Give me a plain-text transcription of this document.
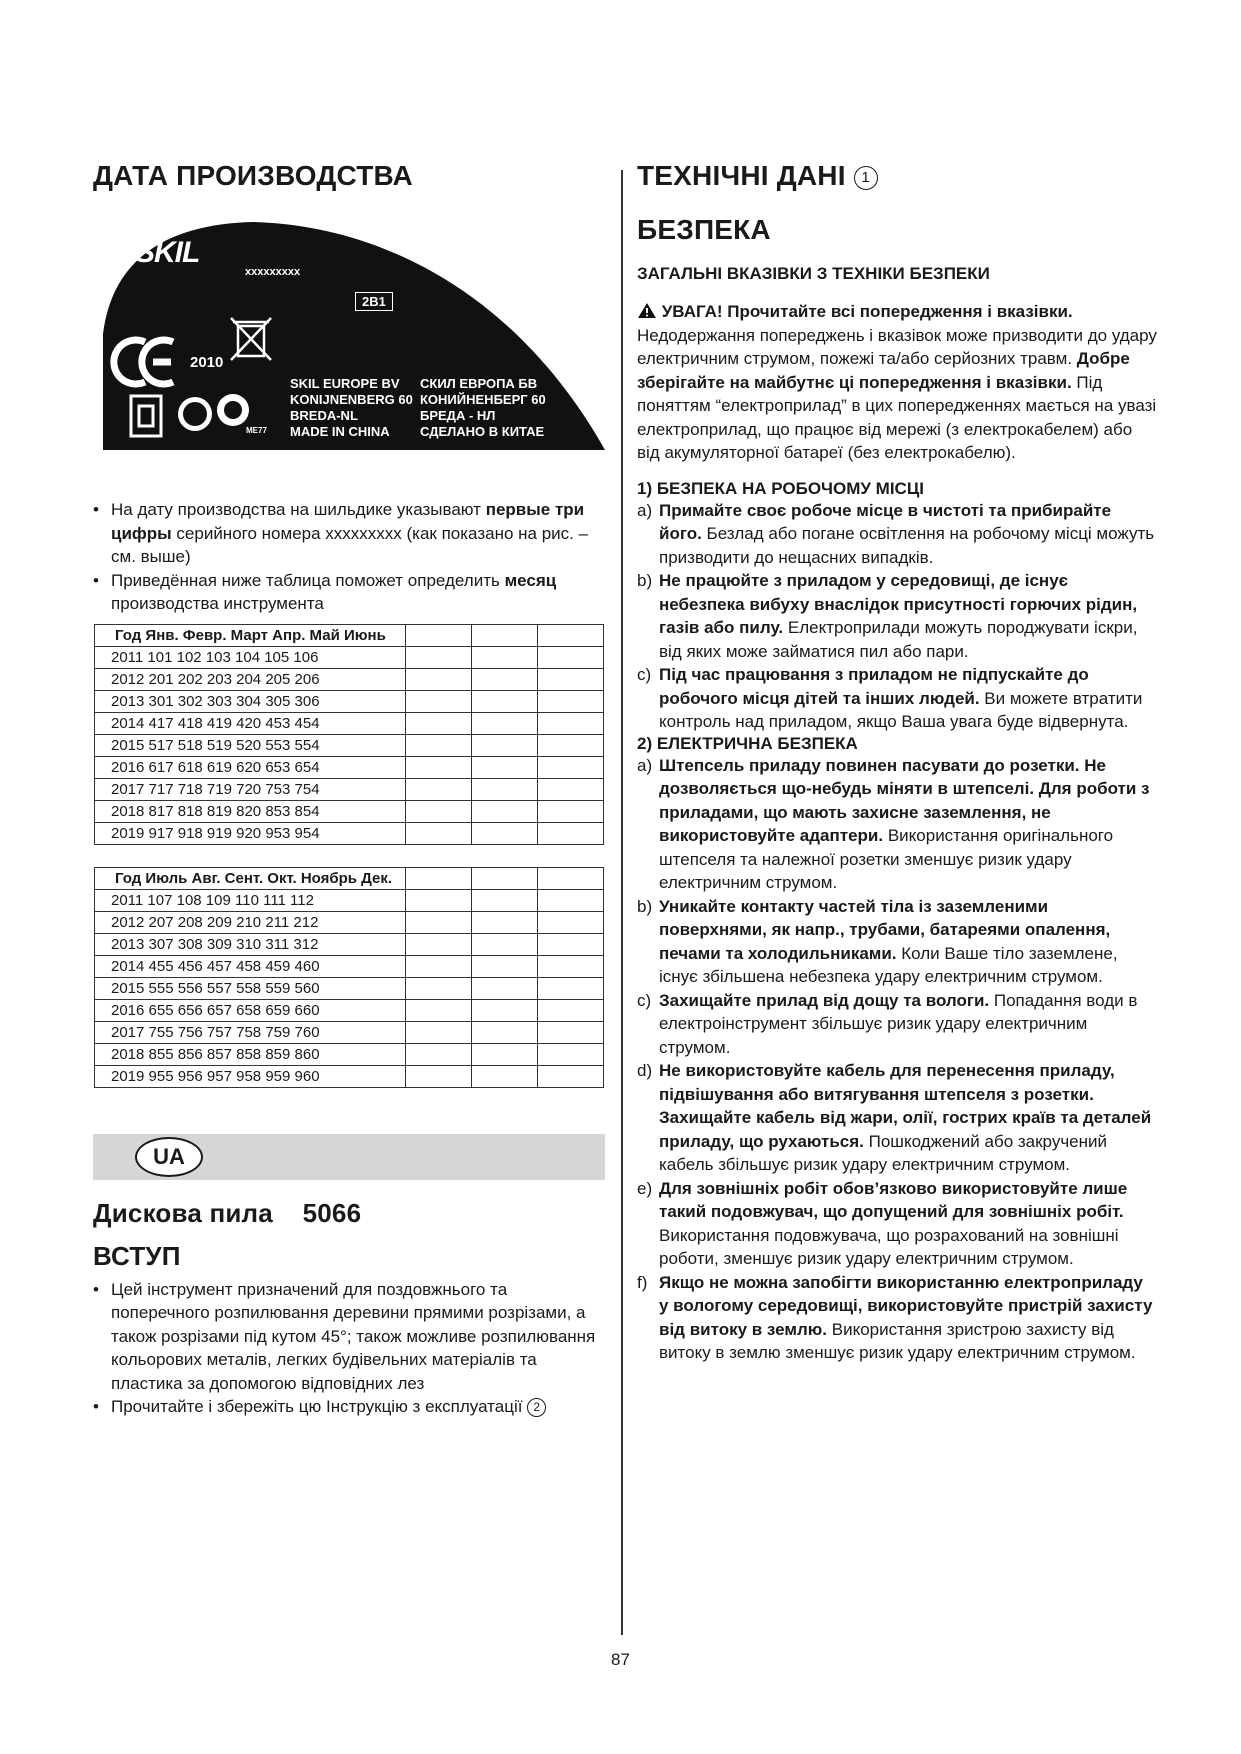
ДАТА ПРОИЗВОДСТВА
SKIL
xxxxxxxxx
2B1
2010
ME77
SKIL EUROPE BV
KONIJNENBERG 60
BREDA-NL
MADE IN CHINA
СКИЛ ЕВРОПА БВ
КОНИЙНЕНБЕРГ 60
БРЕДА - НЛ
СДЕЛАНО В КИТАЕ
• На дату производства на шильдике указывают первые три цифры серийного номера xxxxxxxxx (как показано на рис. – см. выше)
• Приведённая ниже таблица поможет определить месяц производства инструмента
Год Янв. Февр. Март Апр. Май Июнь			
2011 101 102 103 104 105 106			
2012 201 202 203 204 205 206			
2013 301 302 303 304 305 306			
2014 417 418 419 420 453 454			
2015 517 518 519 520 553 554			
2016 617 618 619 620 653 654			
2017 717 718 719 720 753 754			
2018 817 818 819 820 853 854			
2019 917 918 919 920 953 954			
Год Июль Авг. Сент. Окт. Ноябрь Дек.			
2011 107 108 109 110 111 112			
2012 207 208 209 210 211 212			
2013 307 308 309 310 311 312			
2014 455 456 457 458 459 460			
2015 555 556 557 558 559 560			
2016 655 656 657 658 659 660			
2017 755 756 757 758 759 760			
2018 855 856 857 858 859 860			
2019 955 956 957 958 959 960			
UA
Дискова пила 5066
ВСТУП
• Цей інструмент призначений для поздовжнього та поперечного розпилювання деревини прямими розрізами, а також розрізами під кутом 45°; також можливе розпилювання кольорових металів, легких будівельних матеріалів та пластика за допомогою відповідних лез
• Прочитайте і збережіть цю Інструкцію з експлуатації 2
ТЕХНІЧНІ ДАНІ 1
БЕЗПЕКА
ЗАГАЛЬНІ ВКАЗІВКИ З ТЕХНІКИ БЕЗПЕКИ

УВАГА! Прочитайте всі попередження і вказівки. Недодержання попереджень і вказівок може призводити до удару електричним струмом, пожежі та/або серйозних травм. Добре зберігайте на майбутнє ці попередження і вказівки. Під поняттям “електроприлад” в цих попередженнях мається на увазі електроприлад, що працює від мережі (з електрокабелем) або від акумуляторної батареї (без електрокабелю).

1) БЕЗПЕКА НА РОБОЧОМУ МІСЦІ
a) Примайте своє робоче місце в чистоті та прибирайте його. Безлад або погане освітлення на робочому місці можуть призводити до нещасних випадків.
b) Не працюйте з приладом у середовищі, де існує небезпека вибуху внаслідок присутності горючих рідин, газів або пилу. Електроприлади можуть породжувати іскри, від яких може займатися пил або пари.
c) Під час працювання з приладом не підпускайте до робочого місця дітей та інших людей. Ви можете втратити контроль над приладом, якщо Ваша увага буде відвернута.
2) ЕЛЕКТРИЧНА БЕЗПЕКА
a) Штепсель приладу повинен пасувати до розетки. Не дозволяється що-небудь міняти в штепселі. Для роботи з приладами, що мають захисне заземлення, не використовуйте адаптери. Використання оригінального штепселя та належної розетки зменшує ризик удару електричним струмом.
b) Уникайте контакту частей тіла із заземленими поверхнями, як напр., трубами, батареями опалення, печами та холодильниками. Коли Ваше тіло заземлене, існує збільшена небезпека удару електричним струмом.
c) Захищайте прилад від дощу та вологи. Попадання води в електроінструмент збільшує ризик удару електричним струмом.
d) Не використовуйте кабель для перенесення приладу, підвішування або витягування штепселя з розетки. Захищайте кабель від жари, олії, гострих країв та деталей приладу, що рухаються. Пошкоджений або закручений кабель збільшує ризик удару електричним струмом.
e) Для зовнішніх робіт обов’язково використовуйте лише такий подовжувач, що допущений для зовнішніх робіт. Використання подовжувача, що розрахований на зовнішні роботи, зменшує ризик удару електричним струмом.
f) Якщо не можна запобігти використанню електроприладу у вологому середовищі, використовуйте пристрій захисту від витоку в землю. Використання зристрою захисту від витоку в землю зменшує ризик удару електричним струмом.
87
